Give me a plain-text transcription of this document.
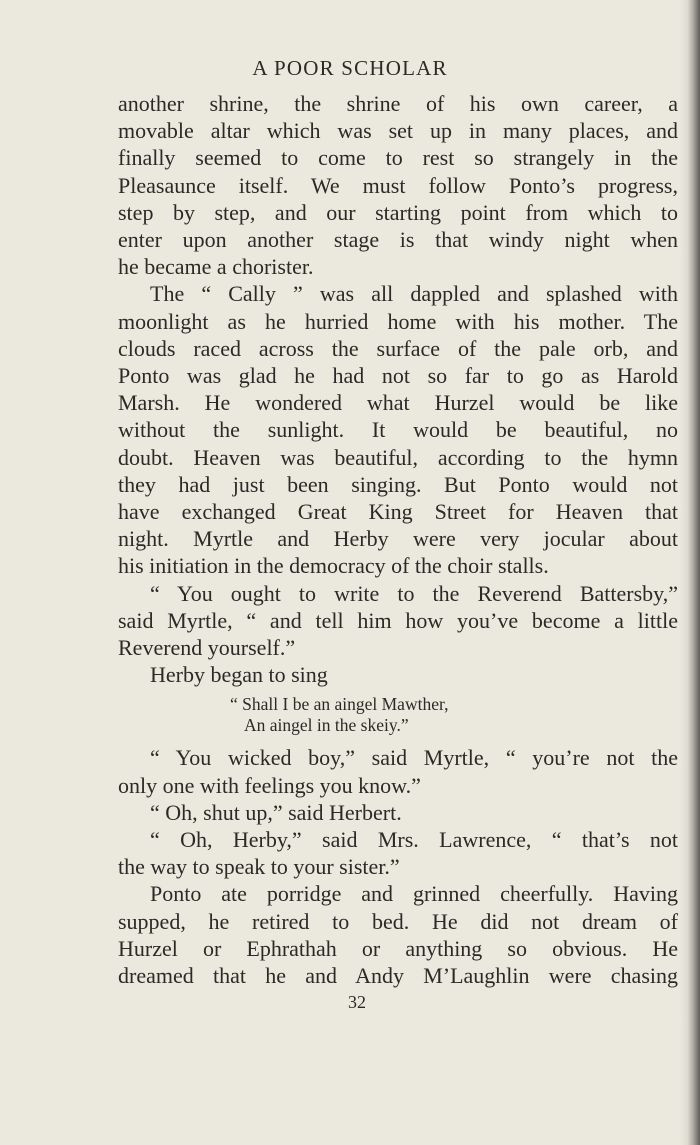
A POOR SCHOLAR
another shrine, the shrine of his own career, a
movable altar which was set up in many places, and
finally seemed to come to rest so strangely in the
Pleasaunce itself. We must follow Ponto’s progress,
step by step, and our starting point from which to
enter upon another stage is that windy night when
he became a chorister.
The “ Cally ” was all dappled and splashed with
moonlight as he hurried home with his mother. The
clouds raced across the surface of the pale orb, and
Ponto was glad he had not so far to go as Harold
Marsh. He wondered what Hurzel would be like
without the sunlight. It would be beautiful, no
doubt. Heaven was beautiful, according to the hymn
they had just been singing. But Ponto would not
have exchanged Great King Street for Heaven that
night. Myrtle and Herby were very jocular about
his initiation in the democracy of the choir stalls.
“ You ought to write to the Reverend Battersby,”
said Myrtle, “ and tell him how you’ve become a little
Reverend yourself.”
Herby began to sing
“ Shall I be an aingel Mawther,
An aingel in the skeiy.”
“ You wicked boy,” said Myrtle, “ you’re not the
only one with feelings you know.”
“ Oh, shut up,” said Herbert.
“ Oh, Herby,” said Mrs. Lawrence, “ that’s not
the way to speak to your sister.”
Ponto ate porridge and grinned cheerfully. Having
supped, he retired to bed. He did not dream of
Hurzel or Ephrathah or anything so obvious. He
dreamed that he and Andy M’Laughlin were chasing
32
